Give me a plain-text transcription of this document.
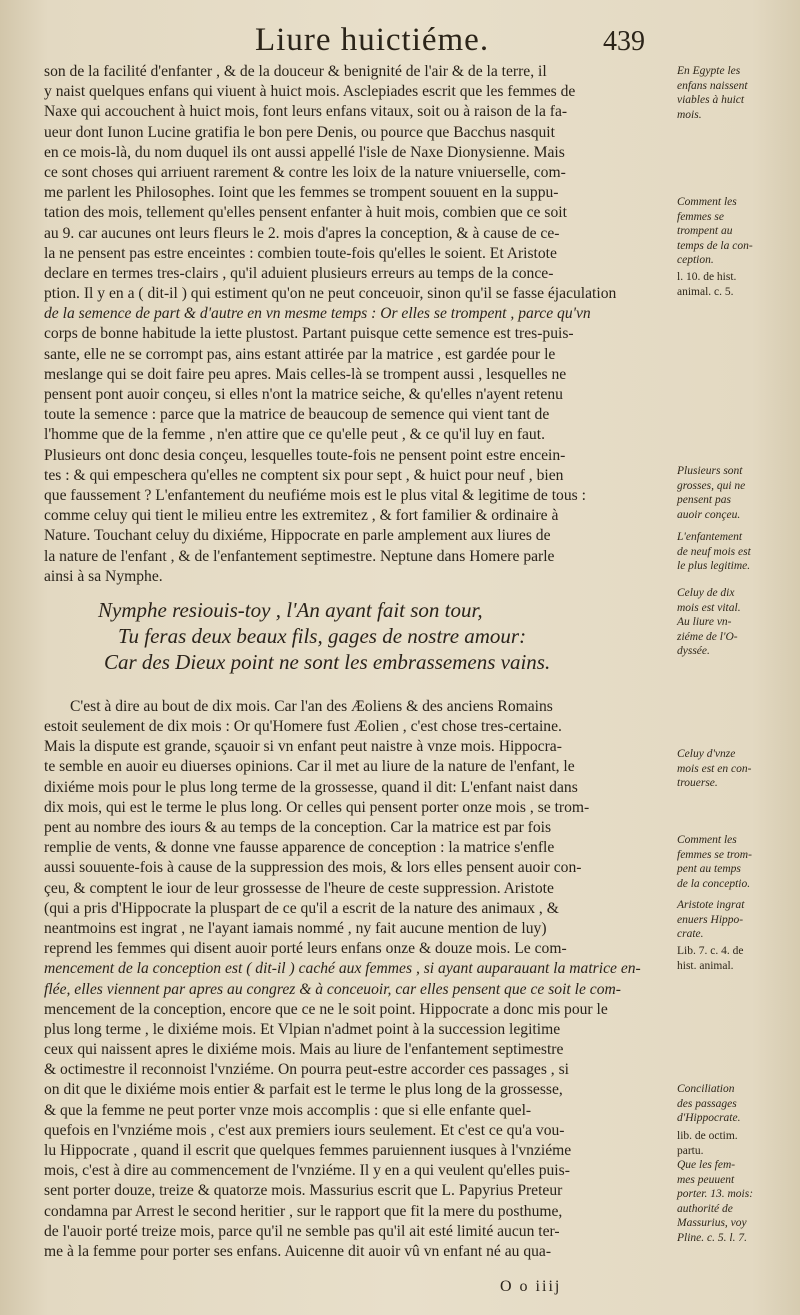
Liure huictiéme.	439
son de la facilité d'enfanter , & de la douceur & benignité de l'air & de la terre, il
y naist quelques enfans qui viuent à huict mois. Asclepiades escrit que les femmes de
Naxe qui accouchent à huict mois, font leurs enfans vitaux, soit ou à raison de la fa-
ueur dont Iunon Lucine gratifia le bon pere Denis, ou pource que Bacchus nasquit
en ce mois-là, du nom duquel ils ont aussi appellé l'isle de Naxe Dionysienne. Mais
ce sont choses qui arriuent rarement & contre les loix de la nature vniuerselle, com-
me parlent les Philosophes. Ioint que les femmes se trompent souuent en la suppu-
tation des mois, tellement qu'elles pensent enfanter à huit mois, combien que ce soit
au 9. car aucunes ont leurs fleurs le 2. mois d'apres la conception, & à cause de ce-
la ne pensent pas estre enceintes : combien toute-fois qu'elles le soient. Et Aristote
declare en termes tres-clairs , qu'il aduient plusieurs erreurs au temps de la conce-
ption. Il y en a ( dit-il ) qui estiment qu'on ne peut conceuoir, sinon qu'il se fasse éjaculation
de la semence de part & d'autre en vn mesme temps : Or elles se trompent , parce qu'vn
corps de bonne habitude la iette plustost. Partant puisque cette semence est tres-puis-
sante, elle ne se corrompt pas, ains estant attirée par la matrice , est gardée pour le
meslange qui se doit faire peu apres. Mais celles-là se trompent aussi , lesquelles ne
pensent pont auoir conçeu, si elles n'ont la matrice seiche, & qu'elles n'ayent retenu
toute la semence : parce que la matrice de beaucoup de semence qui vient tant de
l'homme que de la femme , n'en attire que ce qu'elle peut , & ce qu'il luy en faut.
Plusieurs ont donc desia conçeu, lesquelles toute-fois ne pensent point estre encein-
tes : & qui empeschera qu'elles ne comptent six pour sept , & huict pour neuf , bien
que faussement ? L'enfantement du neufiéme mois est le plus vital & legitime de tous :
comme celuy qui tient le milieu entre les extremitez , & fort familier & ordinaire à
Nature. Touchant celuy du dixiéme, Hippocrate en parle amplement aux liures de
la nature de l'enfant , & de l'enfantement septimestre. Neptune dans Homere parle
ainsi à sa Nymphe.
Nymphe resiouis-toy , l'An ayant fait son tour,
Tu feras deux beaux fils, gages de nostre amour:
Car des Dieux point ne sont les embrassemens vains.
C'est à dire au bout de dix mois. Car l'an des Æoliens & des anciens Romains
estoit seulement de dix mois : Or qu'Homere fust Æolien , c'est chose tres-certaine.
Mais la dispute est grande, sçauoir si vn enfant peut naistre à vnze mois. Hippocra-
te semble en auoir eu diuerses opinions. Car il met au liure de la nature de l'enfant, le
dixiéme mois pour le plus long terme de la grossesse, quand il dit: L'enfant naist dans
dix mois, qui est le terme le plus long. Or celles qui pensent porter onze mois , se trom-
pent au nombre des iours & au temps de la conception. Car la matrice est par fois
remplie de vents, & donne vne fausse apparence de conception : la matrice s'enfle
aussi souuente-fois à cause de la suppression des mois, & lors elles pensent auoir con-
çeu, & comptent le iour de leur grossesse de l'heure de ceste suppression. Aristote
(qui a pris d'Hippocrate la pluspart de ce qu'il a escrit de la nature des animaux , &
neantmoins est ingrat , ne l'ayant iamais nommé , ny fait aucune mention de luy)
reprend les femmes qui disent auoir porté leurs enfans onze & douze mois. Le com-
mencement de la conception est ( dit-il ) caché aux femmes , si ayant auparauant la matrice en-
flée, elles viennent par apres au congrez & à conceuoir, car elles pensent que ce soit le com-
mencement de la conception, encore que ce ne le soit point. Hippocrate a donc mis pour le
plus long terme , le dixiéme mois. Et Vlpian n'admet point à la succession legitime
ceux qui naissent apres le dixiéme mois. Mais au liure de l'enfantement septimestre
& octimestre il reconnoist l'vnziéme. On pourra peut-estre accorder ces passages , si
on dit que le dixiéme mois entier & parfait est le terme le plus long de la grossesse,
& que la femme ne peut porter vnze mois accomplis : que si elle enfante quel-
quefois en l'vnziéme mois , c'est aux premiers iours seulement. Et c'est ce qu'a vou-
lu Hippocrate , quand il escrit que quelques femmes paruiennent iusques à l'vnziéme
mois, c'est à dire au commencement de l'vnziéme. Il y en a qui veulent qu'elles puis-
sent porter douze, treize & quatorze mois. Massurius escrit que L. Papyrius Preteur
condamna par Arrest le second heritier , sur le rapport que fit la mere du posthume,
de l'auoir porté treize mois, parce qu'il ne semble pas qu'il ait esté limité aucun ter-
me à la femme pour porter ses enfans. Auicenne dit auoir vû vn enfant né au qua-
O o iiij
En Egypte les
enfans naissent
viables à huict
mois.
Comment les
femmes se
trompent au
temps de la con-
ception.
l. 10. de hist.
animal. c. 5.
Plusieurs sont
grosses, qui ne
pensent pas
auoir conçeu.
L'enfantement
de neuf mois est
le plus legitime.
Celuy de dix
mois est vital.
Au liure vn-
ziéme de l'O-
dyssée.
Celuy d'vnze
mois est en con-
trouerse.
Comment les
femmes se trom-
pent au temps
de la conceptio.
Aristote ingrat
enuers Hippo-
crate.
Lib. 7. c. 4. de
hist. animal.
Conciliation
des passages
d'Hippocrate.
lib. de octim.
partu.
Que les fem-
mes peuuent
porter. 13. mois:
authorité de
Massurius, voy
Pline. c. 5. l. 7.
